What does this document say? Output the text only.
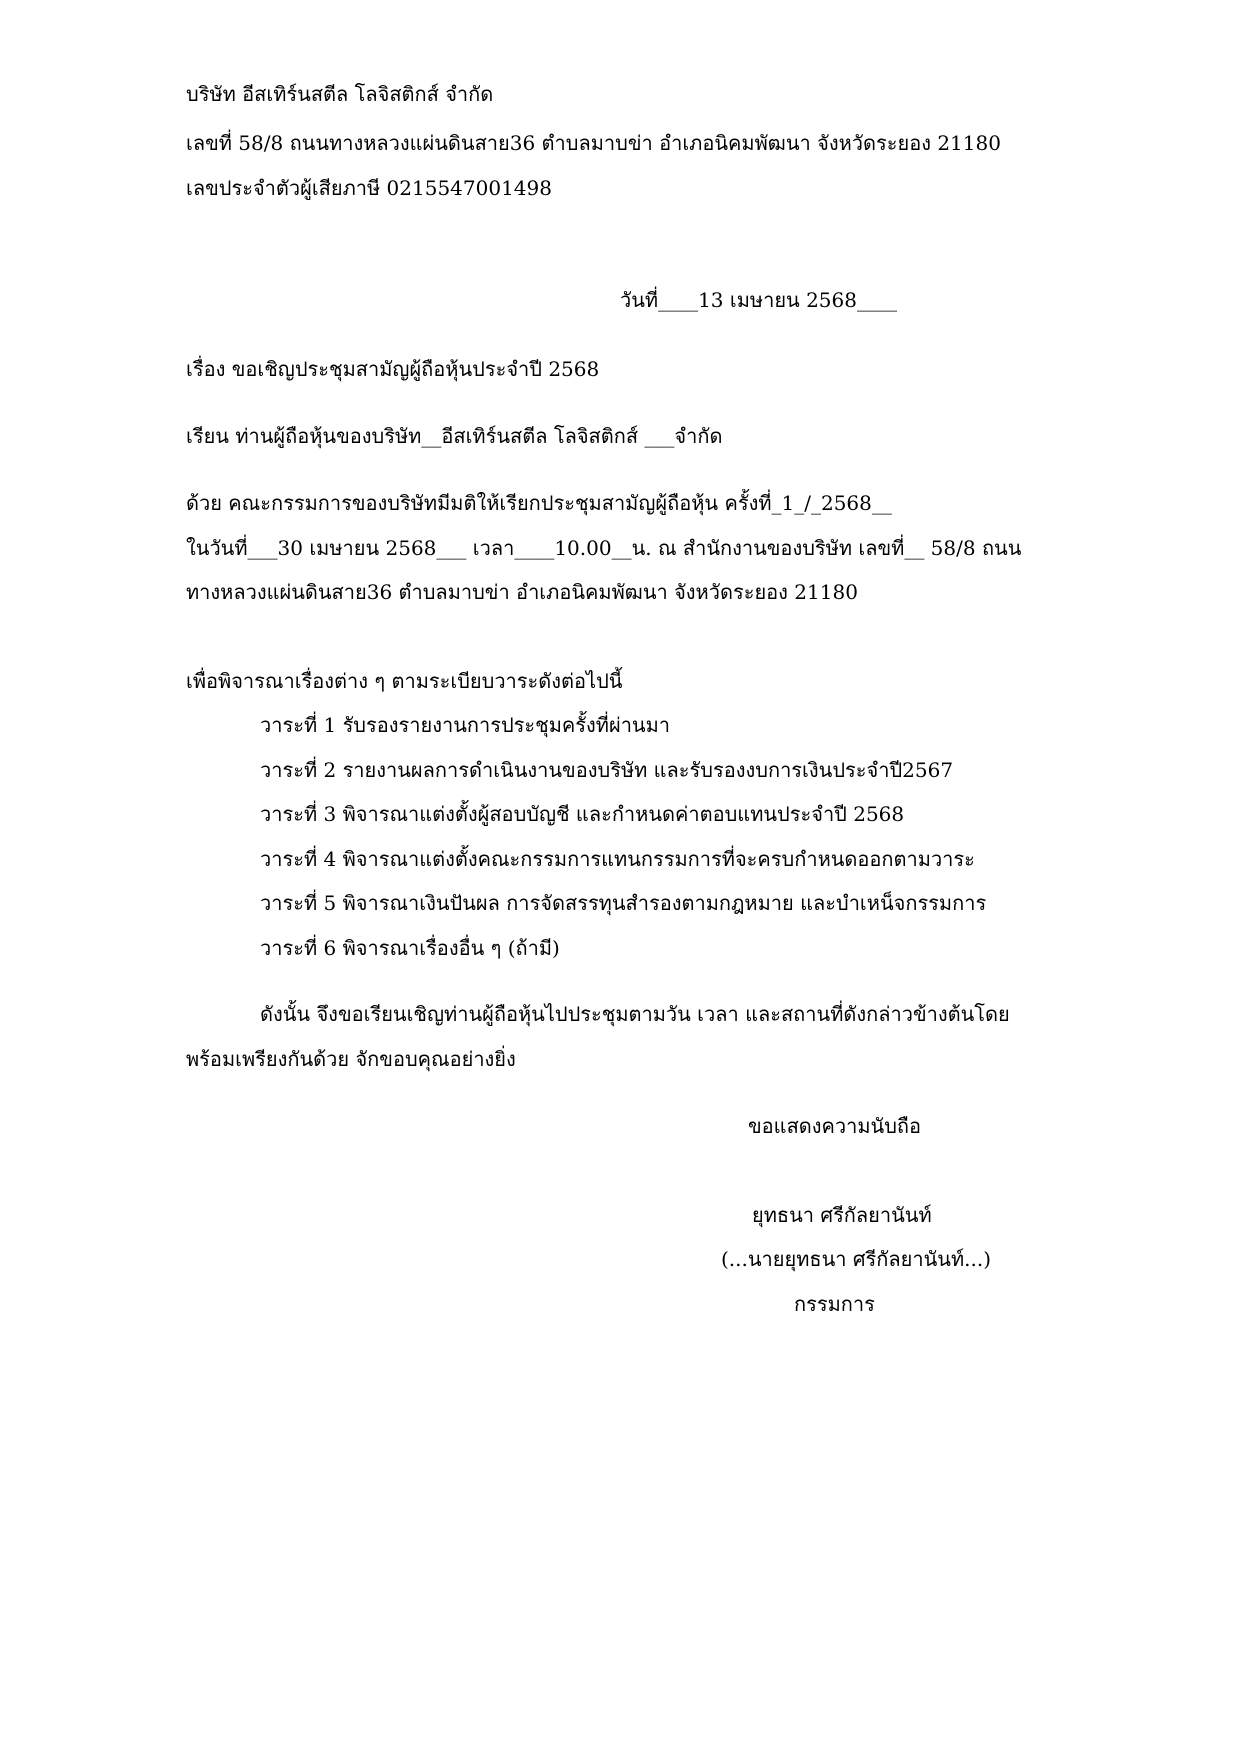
บริษัท อีสเทิร์นสตีล โลจิสติกส์ จำกัด
เลขที่ 58/8 ถนนทางหลวงแผ่นดินสาย36 ตำบลมาบข่า อำเภอนิคมพัฒนา จังหวัดระยอง 21180
เลขประจำตัวผู้เสียภาษี 0215547001498
วันที่____13 เมษายน 2568____
เรื่อง ขอเชิญประชุมสามัญผู้ถือหุ้นประจำปี 2568
เรียน ท่านผู้ถือหุ้นของบริษัท__อีสเทิร์นสตีล โลจิสติกส์ ___จำกัด
ด้วย คณะกรรมการของบริษัทมีมติให้เรียกประชุมสามัญผู้ถือหุ้น ครั้งที่_1_/_2568__
ในวันที่___30 เมษายน 2568___ เวลา____10.00__น. ณ สำนักงานของบริษัท เลขที่__ 58/8 ถนน
ทางหลวงแผ่นดินสาย36 ตำบลมาบข่า อำเภอนิคมพัฒนา จังหวัดระยอง 21180
เพื่อพิจารณาเรื่องต่าง ๆ ตามระเบียบวาระดังต่อไปนี้
วาระที่ 1 รับรองรายงานการประชุมครั้งที่ผ่านมา
วาระที่ 2 รายงานผลการดำเนินงานของบริษัท และรับรองงบการเงินประจำปี2567
วาระที่ 3 พิจารณาแต่งตั้งผู้สอบบัญชี และกำหนดค่าตอบแทนประจำปี 2568
วาระที่ 4 พิจารณาแต่งตั้งคณะกรรมการแทนกรรมการที่จะครบกำหนดออกตามวาระ
วาระที่ 5 พิจารณาเงินปันผล การจัดสรรทุนสำรองตามกฎหมาย และบำเหน็จกรรมการ
วาระที่ 6 พิจารณาเรื่องอื่น ๆ (ถ้ามี)
ดังนั้น จึงขอเรียนเชิญท่านผู้ถือหุ้นไปประชุมตามวัน เวลา และสถานที่ดังกล่าวข้างต้นโดย
พร้อมเพรียงกันด้วย จักขอบคุณอย่างยิ่ง
ขอแสดงความนับถือ
ยุทธนา ศรีกัลยานันท์
(...นายยุทธนา ศรีกัลยานันท์...)
กรรมการ
